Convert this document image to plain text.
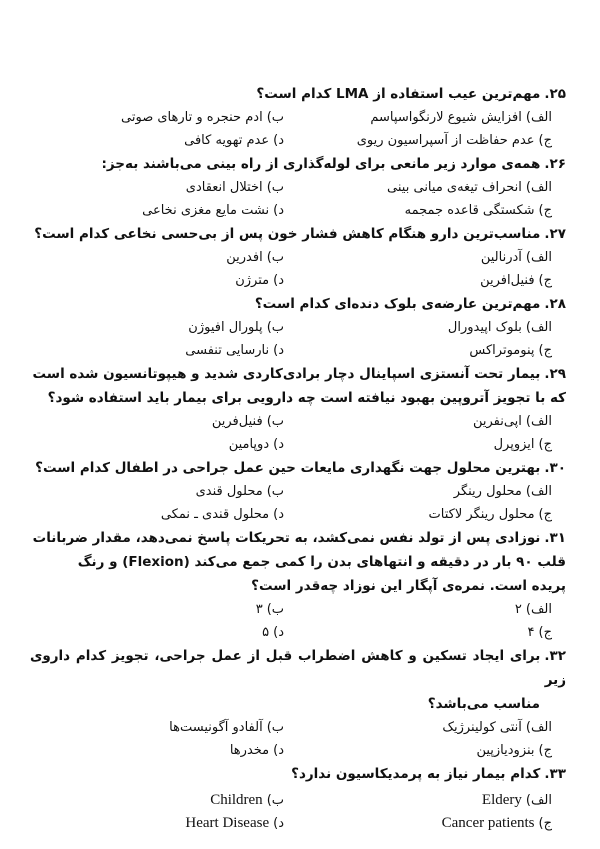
۲۵.مهم‌ترین عیب استفاده از LMA کدام است؟

الف)افزایش شیوع لارنگواسپاسم
ب)ادم حنجره و تارهای صوتی
ج)عدم حفاظت از آسپراسیون ریوی
د)عدم تهویه کافی

۲۶.همه‌ی موارد زیر مانعی برای لوله‌گذاری از راه بینی می‌باشند به‌جز:

الف)انحراف تیغه‌ی میانی بینی
ب)اختلال انعقادی
ج)شکستگی قاعده جمجمه
د)نشت مایع مغزی نخاعی

۲۷.مناسب‌ترین دارو هنگام کاهش فشار خون پس از بی‌حسی نخاعی کدام است؟

الف)آدرنالین
ب)افدرین
ج)فنیل‌افرین
د)مترژن

۲۸.مهم‌ترین عارضه‌ی بلوک دنده‌ای کدام است؟

الف)بلوک اپیدورال
ب)پلورال افیوژن
ج)پنوموتراکس
د)نارسایی تنفسی

۲۹.بیمار تحت آنستزی اسپاینال دچار برادی‌کاردی شدید و هیپوتانسیون شده است

که با تجویز آتروپین بهبود نیافته است چه دارویی برای بیمار باید استفاده شود؟

الف)اپی‌نفرین
ب)فنیل‌فرین
ج)ایزوپرل
د)دوپامین

۳۰.بهترین محلول جهت نگهداری مایعات حین عمل جراحی در اطفال کدام است؟

الف)محلول رینگر
ب)محلول قندی
ج)محلول رینگر لاکتات
د)محلول قندی ـ نمکی

۳۱.نوزادی پس از تولد نفس نمی‌کشد، به تحریکات پاسخ نمی‌دهد، مقدار ضربانات

قلب ۹۰ بار در دقیقه و انتهاهای بدن را کمی جمع می‌کند (Flexion) و رنگ

پریده است. نمره‌ی آپگار این نوزاد چه‌قدر است؟

الف)۲
ب)۳
ج)۴
د)۵

۳۲.برای ایجاد تسکین و کاهش اضطراب قبل از عمل جراحی، تجویز کدام داروی زیر

مناسب می‌باشد؟

الف)آنتی کولینرژیک
ب)آلفادو آگونیست‌ها
ج)بنزودیازپین
د)مخدرها

۳۳.کدام بیمار نیاز به پرمدیکاسیون ندارد؟

الف)Eldery
ب)Children
ج)Cancer patients
د)Heart Disease
